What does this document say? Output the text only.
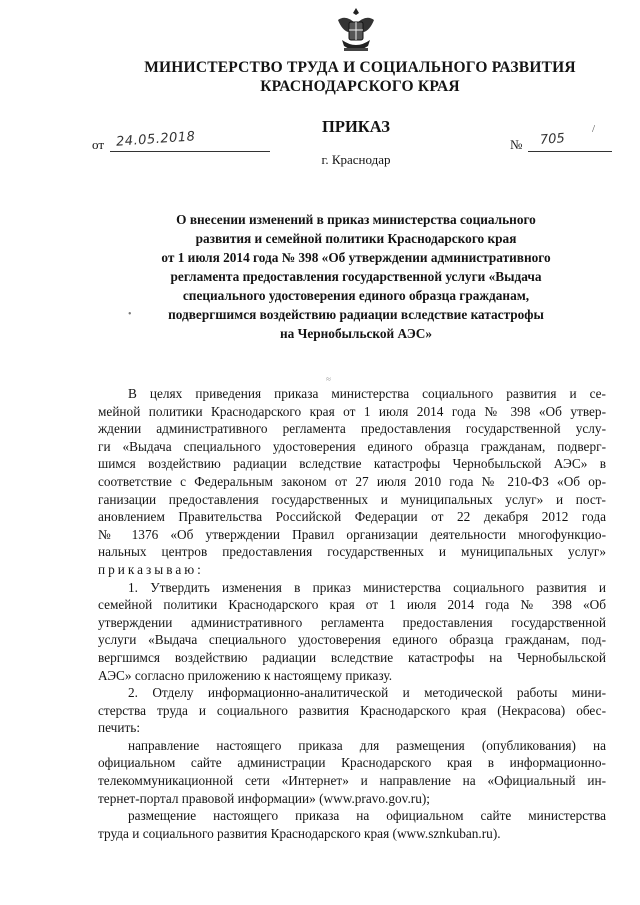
МИНИСТЕРСТВО ТРУДА И СОЦИАЛЬНОГО РАЗВИТИЯ
КРАСНОДАРСКОГО КРАЯ
ПРИКАЗ
от 24.05.2018
/
№ 705
г. Краснодар
О внесении изменений в приказ министерства социального
развития и семейной политики Краснодарского края
от 1 июля 2014 года № 398 «Об утверждении административного
регламента предоставления государственной услуги «Выдача
специального удостоверения единого образца гражданам,
подвергшимся воздействию радиации вследствие катастрофы
на Чернобыльской АЭС»
•
≈
В целях приведения приказа министерства социального развития и се-
мейной политики Краснодарского края от 1 июля 2014 года № 398 «Об утвер-
ждении административного регламента предоставления государственной услу-
ги «Выдача специального удостоверения единого образца гражданам, подверг-
шимся воздействию радиации вследствие катастрофы Чернобыльской АЭС» в
соответствие с Федеральным законом от 27 июля 2010 года № 210-ФЗ «Об ор-
ганизации предоставления государственных и муниципальных услуг» и пост-
ановлением Правительства Российской Федерации от 22 декабря 2012 года
№ 1376 «Об утверждении Правил организации деятельности многофункцио-
нальных центров предоставления государственных и муниципальных услуг»
приказываю:
1. Утвердить изменения в приказ министерства социального развития и
семейной политики Краснодарского края от 1 июля 2014 года № 398 «Об
утверждении административного регламента предоставления государственной
услуги «Выдача специального удостоверения единого образца гражданам, под-
вергшимся воздействию радиации вследствие катастрофы на Чернобыльской
АЭС» согласно приложению к настоящему приказу.
2. Отделу информационно-аналитической и методической работы мини-
стерства труда и социального развития Краснодарского края (Некрасова) обес-
печить:
направление настоящего приказа для размещения (опубликования) на
официальном сайте администрации Краснодарского края в информационно-
телекоммуникационной сети «Интернет» и направление на «Официальный ин-
тернет-портал правовой информации» (www.pravo.gov.ru);
размещение настоящего приказа на официальном сайте министерства
труда и социального развития Краснодарского края (www.sznkuban.ru).
